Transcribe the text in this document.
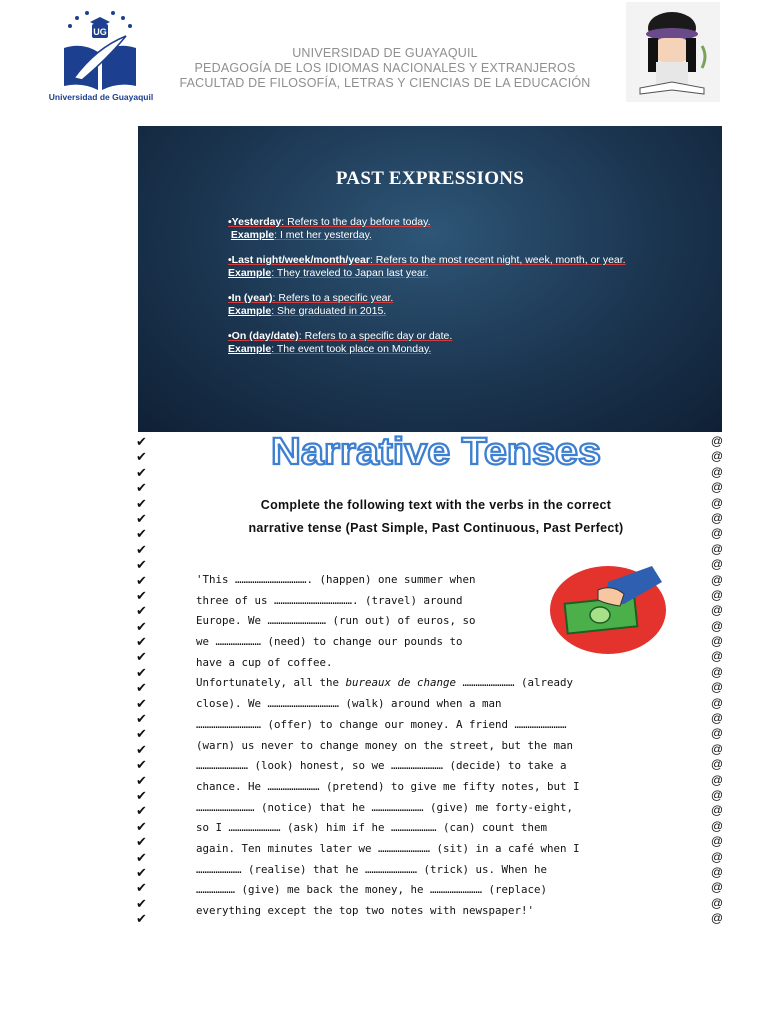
UG
Universidad de Guayaquil
UNIVERSIDAD DE GUAYAQUIL
PEDAGOGÍA DE LOS IDIOMAS NACIONALES Y EXTRANJEROS
FACULTAD DE FILOSOFÍA, LETRAS Y CIENCIAS DE LA EDUCACIÓN
PAST EXPRESSIONS
•Yesterday: Refers to the day before today.
Example: I met her yesterday.
•Last night/week/month/year: Refers to the most recent night, week, month, or year.
Example: They traveled to Japan last year.
•In (year): Refers to a specific year.
Example: She graduated in 2015.
•On (day/date): Refers to a specific day or date.
Example: The event took place on Monday.
✔
✔
✔
✔
✔
✔
✔
✔
✔
✔
✔
✔
✔
✔
✔
✔
✔
✔
✔
✔
✔
✔
✔
✔
✔
✔
✔
✔
✔
✔
✔
✔
@
@
@
@
@
@
@
@
@
@
@
@
@
@
@
@
@
@
@
@
@
@
@
@
@
@
@
@
@
@
@
@
Narrative Tenses
Complete the following text with the verbs in the correct
narrative tense (Past Simple, Past Continuous, Past Perfect)
'This ……………………………. (happen) one summer when
three of us ………………………………. (travel) around
Europe. We ……………………… (run out) of euros, so
we ………………… (need) to change our pounds to
have a cup of coffee.
Unfortunately, all the bureaux de change …………………… (already
close). We …………………………… (walk) around when a man
………………………… (offer) to change our money. A friend ……………………
(warn) us never to change money on the street, but the man
…………………… (look) honest, so we …………………… (decide) to take a
chance. He …………………… (pretend) to give me fifty notes, but I
……………………… (notice) that he …………………… (give) me forty-eight,
so I …………………… (ask) him if he ………………… (can) count them
again. Ten minutes later we …………………… (sit) in a café when I
………………… (realise) that he …………………… (trick) us. When he
……………… (give) me back the money, he …………………… (replace)
everything except the top two notes with newspaper!'
